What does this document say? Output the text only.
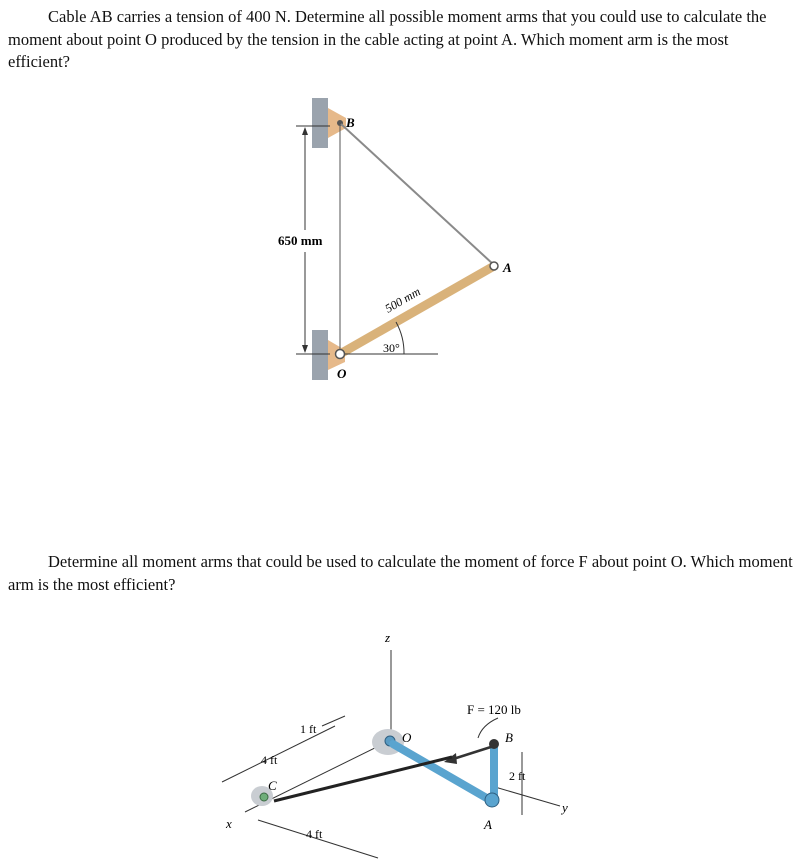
Cable AB carries a tension of 400 N. Determine all possible moment arms that you could use to calculate the moment about point O produced by the tension in the cable acting at point A. Which moment arm is the most efficient?

650 mm
30°
500 mm
B
A
O

Determine all moment arms that could be used to calculate the moment of force F about point O. Which moment arm is the most efficient?

z
y
x
1 ft
4 ft
4 ft
2 ft
O
A
B
F = 120 lb
C
